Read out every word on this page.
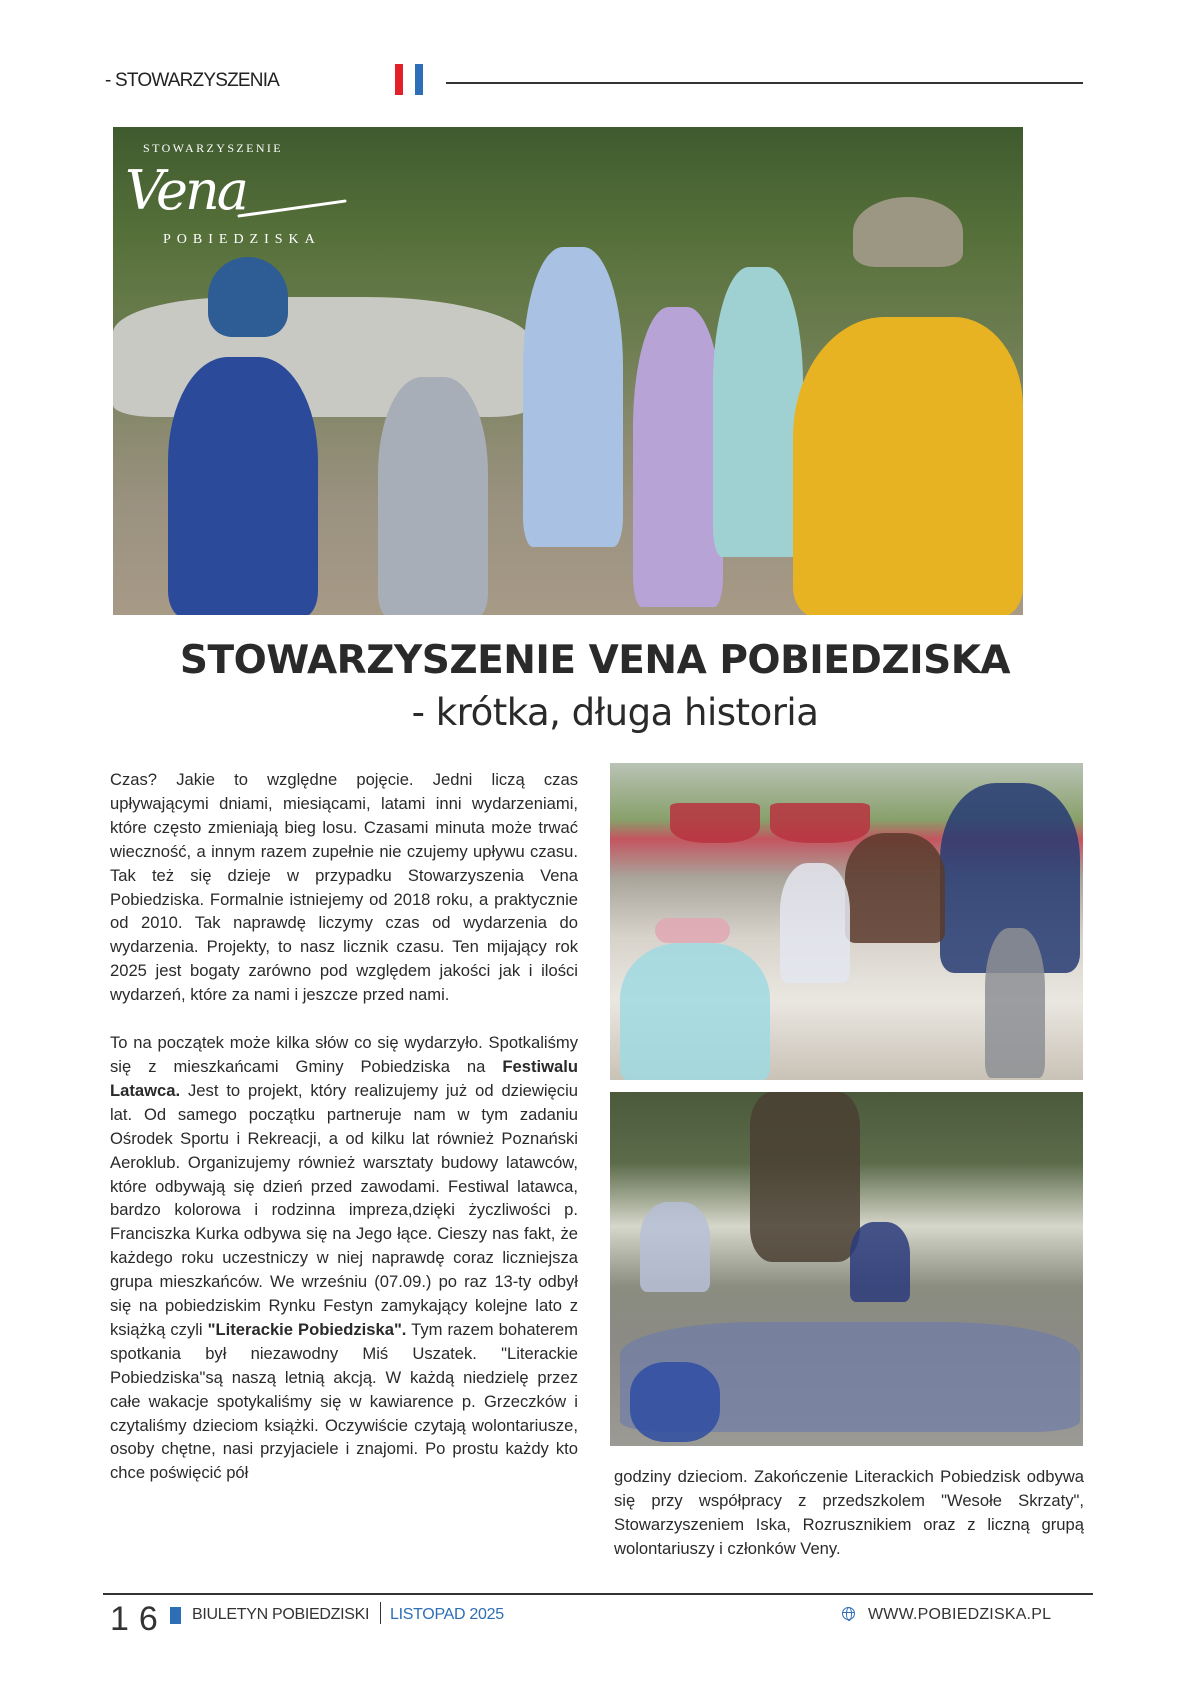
- STOWARZYSZENIA
STOWARZYSZENIE
Vena
POBIEDZISKA
STOWARZYSZENIE VENA POBIEDZISKA
- krótka, długa historia

Czas? Jakie to względne pojęcie. Jedni liczą czas upływającymi dniami, miesiącami, latami inni wydarzeniami, które często zmieniają bieg losu. Czasami minuta może trwać wieczność, a innym razem zupełnie nie czujemy upływu czasu. Tak też się dzieje w przypadku Stowarzyszenia Vena Pobiedziska. Formalnie istniejemy od 2018 roku, a praktycznie od 2010. Tak naprawdę liczymy czas od wydarzenia do wydarzenia. Projekty, to nasz licznik czasu. Ten mijający rok 2025 jest bogaty zarówno pod względem jakości jak i ilości wydarzeń, które za nami i jeszcze przed nami.

To na początek może kilka słów co się wydarzyło. Spotkaliśmy się z mieszkańcami Gminy Pobiedziska na Festiwalu Latawca. Jest to projekt, który realizujemy już od dziewięciu lat. Od samego początku partneruje nam w tym zadaniu Ośrodek Sportu i Rekreacji, a od kilku lat również Poznański Aeroklub. Organizujemy również warsztaty budowy latawców, które odbywają się dzień przed zawodami. Festiwal latawca, bardzo kolorowa i rodzinna impreza,dzięki życzliwości p. Franciszka Kurka odbywa się na Jego łące. Cieszy nas fakt, że każdego roku uczestniczy w niej naprawdę coraz liczniejsza grupa mieszkańców. We wrześniu (07.09.) po raz 13-ty odbył się na pobiedziskim Rynku Festyn zamykający kolejne lato z książką czyli "Literackie Pobiedziska". Tym razem bohaterem spotkania był niezawodny Miś Uszatek. "Literackie Pobiedziska"są naszą letnią akcją. W każdą niedzielę przez całe wakacje spotykaliśmy się w kawiarence p. Grzeczków i czytaliśmy dzieciom książki. Oczywiście czytają wolontariusze, osoby chętne, nasi przyjaciele i znajomi. Po prostu każdy kto chce poświęcić pół	godziny dzieciom. Zakończenie Literackich Pobiedzisk odbywa się przy współpracy z przedszkolem "Wesołe Skrzaty", Stowarzyszeniem Iska, Rozrusznikiem oraz z liczną grupą wolontariuszy i członków Veny.

16 BIULETYN POBIEDZISKI LISTOPAD 2025	WWW.POBIEDZISKA.PL
